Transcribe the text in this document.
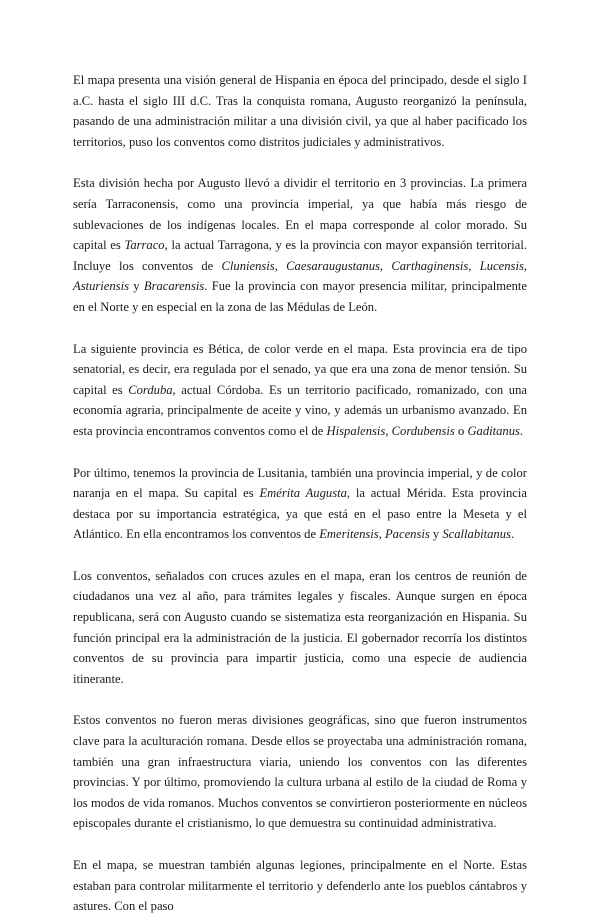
El mapa presenta una visión general de Hispania en época del principado, desde el siglo I a.C. hasta el siglo III d.C. Tras la conquista romana, Augusto reorganizó la península, pasando de una administración militar a una división civil, ya que al haber pacificado los territorios, puso los conventos como distritos judiciales y administrativos.

Esta división hecha por Augusto llevó a dividir el territorio en 3 provincias. La primera sería Tarraconensis, como una provincia imperial, ya que había más riesgo de sublevaciones de los indígenas locales. En el mapa corresponde al color morado. Su capital es Tarraco, la actual Tarragona, y es la provincia con mayor expansión territorial. Incluye los conventos de Cluniensis, Caesaraugustanus, Carthaginensis, Lucensis, Asturiensis y Bracarensis. Fue la provincia con mayor presencia militar, principalmente en el Norte y en especial en la zona de las Médulas de León.

La siguiente provincia es Bética, de color verde en el mapa. Esta provincia era de tipo senatorial, es decir, era regulada por el senado, ya que era una zona de menor tensión. Su capital es Corduba, actual Córdoba. Es un territorio pacificado, romanizado, con una economía agraria, principalmente de aceite y vino, y además un urbanismo avanzado. En esta provincia encontramos conventos como el de Hispalensis, Cordubensis o Gaditanus.

Por último, tenemos la provincia de Lusitania, también una provincia imperial, y de color naranja en el mapa. Su capital es Emérita Augusta, la actual Mérida. Esta provincia destaca por su importancia estratégica, ya que está en el paso entre la Meseta y el Atlántico. En ella encontramos los conventos de Emeritensis, Pacensis y Scallabitanus.

Los conventos, señalados con cruces azules en el mapa, eran los centros de reunión de ciudadanos una vez al año, para trámites legales y fiscales. Aunque surgen en época republicana, será con Augusto cuando se sistematiza esta reorganización en Hispania. Su función principal era la administración de la justicia. El gobernador recorría los distintos conventos de su provincia para impartir justicia, como una especie de audiencia itinerante.

Estos conventos no fueron meras divisiones geográficas, sino que fueron instrumentos clave para la aculturación romana. Desde ellos se proyectaba una administración romana, también una gran infraestructura viaria, uniendo los conventos con las diferentes provincias. Y por último, promoviendo la cultura urbana al estilo de la ciudad de Roma y los modos de vida romanos. Muchos conventos se convirtieron posteriormente en núcleos episcopales durante el cristianismo, lo que demuestra su continuidad administrativa.

En el mapa, se muestran también algunas legiones, principalmente en el Norte. Estas estaban para controlar militarmente el territorio y defenderlo ante los pueblos cántabros y astures. Con el paso
